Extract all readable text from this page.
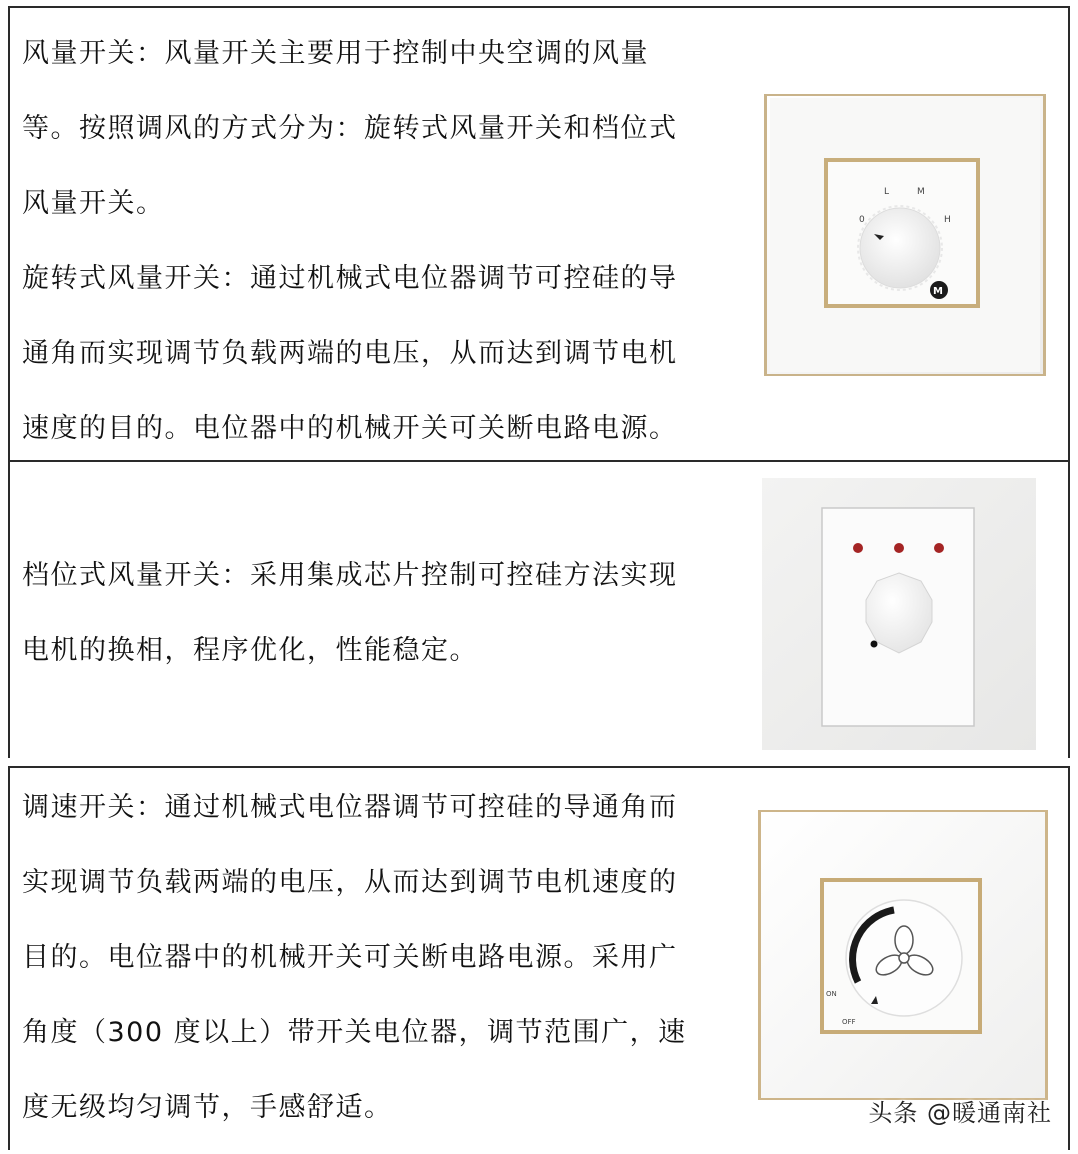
风量开关：风量开关主要用于控制中央空调的风量

等。按照调风的方式分为：旋转式风量开关和档位式

风量开关。

旋转式风量开关：通过机械式电位器调节可控硅的导

通角而实现调节负载两端的电压，从而达到调节电机

速度的目的。电位器中的机械开关可关断电路电源。

0
L	M
H
M

档位式风量开关：采用集成芯片控制可控硅方法实现

电机的换相，程序优化，性能稳定。

调速开关：通过机械式电位器调节可控硅的导通角而

实现调节负载两端的电压，从而达到调节电机速度的

目的。电位器中的机械开关可关断电路电源。采用广

角度（300 度以上）带开关电位器，调节范围广，速

度无级均匀调节，手感舒适。

ON
OFF
头条 @暖通南社
